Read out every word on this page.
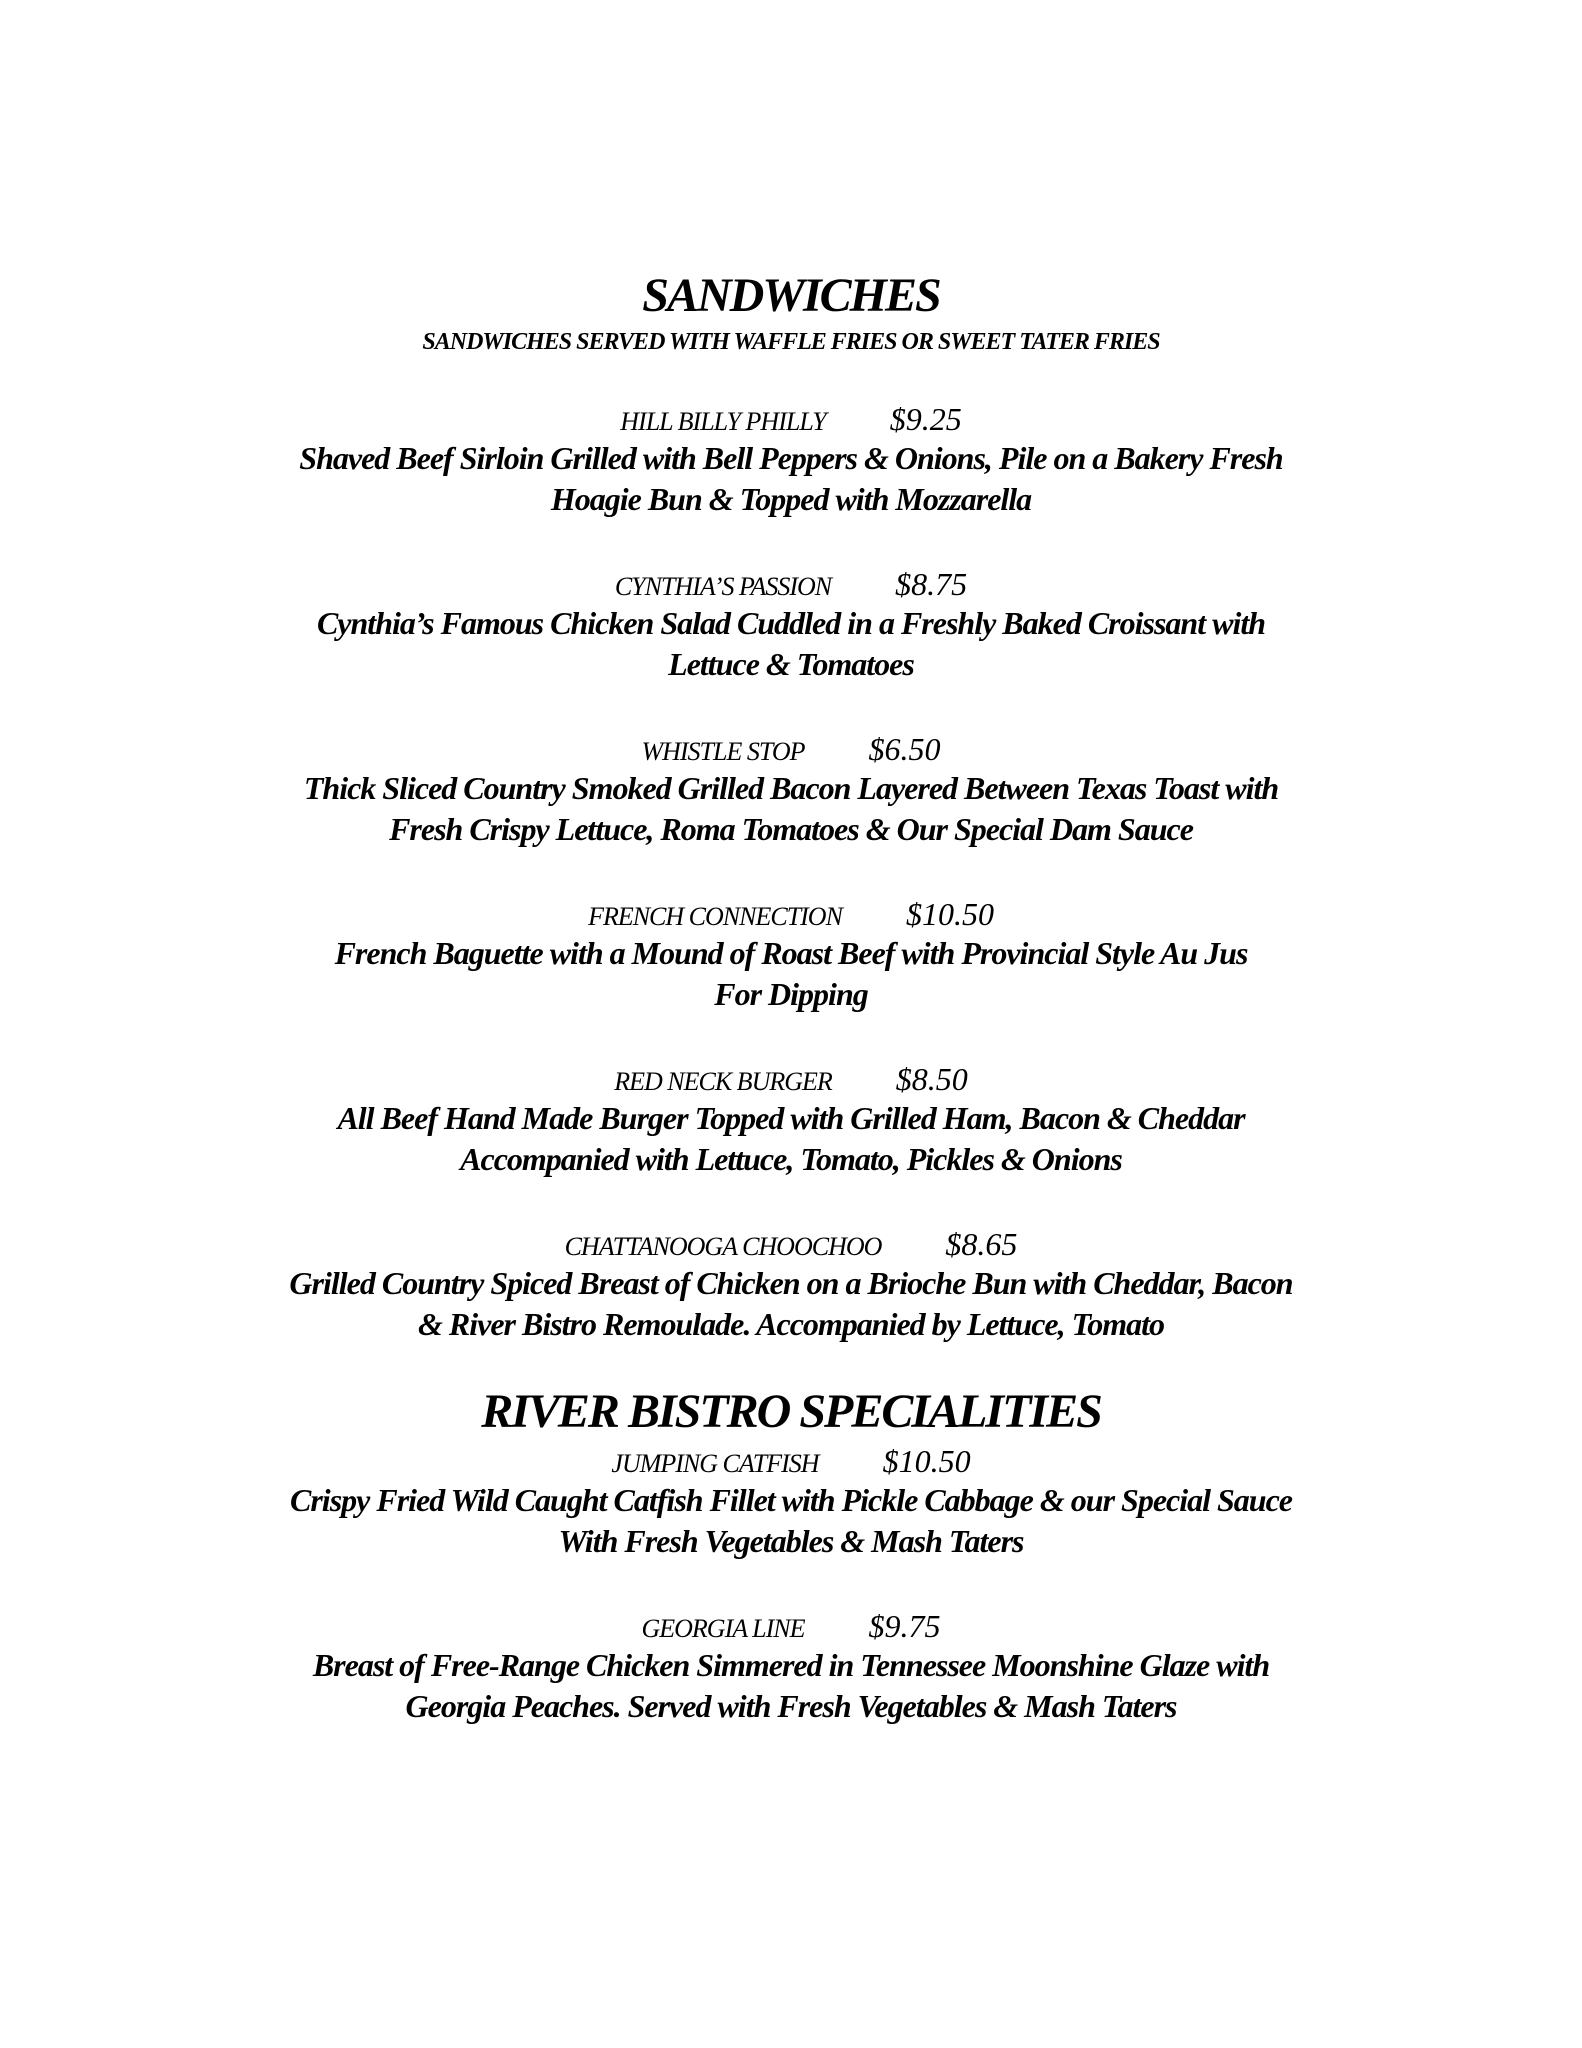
SANDWICHES
SANDWICHES SERVED WITH WAFFLE FRIES OR SWEET TATER FRIES
HILL BILLY PHILLY $9.25
Shaved Beef Sirloin Grilled with Bell Peppers & Onions, Pile on a Bakery Fresh
Hoagie Bun & Topped with Mozzarella
CYNTHIA’S PASSION $8.75
Cynthia’s Famous Chicken Salad Cuddled in a Freshly Baked Croissant with
Lettuce & Tomatoes
WHISTLE STOP $6.50
Thick Sliced Country Smoked Grilled Bacon Layered Between Texas Toast with
Fresh Crispy Lettuce, Roma Tomatoes & Our Special Dam Sauce
FRENCH CONNECTION $10.50
French Baguette with a Mound of Roast Beef with Provincial Style Au Jus
For Dipping
RED NECK BURGER $8.50
All Beef Hand Made Burger Topped with Grilled Ham, Bacon & Cheddar
Accompanied with Lettuce, Tomato, Pickles & Onions
CHATTANOOGA CHOOCHOO $8.65
Grilled Country Spiced Breast of Chicken on a Brioche Bun with Cheddar, Bacon
& River Bistro Remoulade. Accompanied by Lettuce, Tomato
RIVER BISTRO SPECIALITIES
JUMPING CATFISH $10.50
Crispy Fried Wild Caught Catfish Fillet with Pickle Cabbage & our Special Sauce
With Fresh Vegetables & Mash Taters
GEORGIA LINE $9.75
Breast of Free-Range Chicken Simmered in Tennessee Moonshine Glaze with
Georgia Peaches. Served with Fresh Vegetables & Mash Taters
